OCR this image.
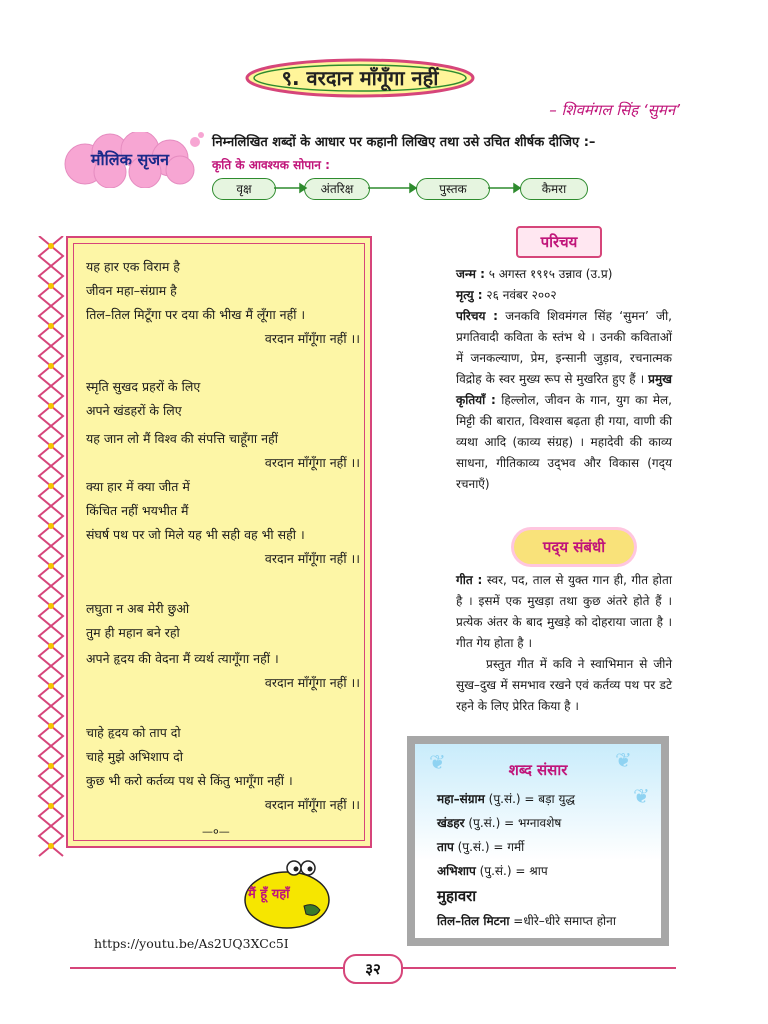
९. वरदान माँगूँगा नहीं
– शिवमंगल सिंह ‘सुमन’
मौलिक सृजन
निम्नलिखित शब्दों के आधार पर कहानी लिखिए तथा उसे उचित शीर्षक दीजिए :–
कृति के आवश्यक सोपान :
वृक्ष	अंतरिक्ष	पुस्तक	कैमरा
यह हार एक विराम है
जीवन महा–संग्राम है
तिल–तिल मिटूँगा पर दया की भीख मैं लूँगा नहीं ।
वरदान माँगूँगा नहीं ।।
स्मृति सुखद प्रहरों के लिए
अपने खंडहरों के लिए
यह जान लो मैं विश्व की संपत्ति चाहूँगा नहीं
वरदान माँगूँगा नहीं ।।
क्या हार में क्या जीत में
किंचित नहीं भयभीत मैं
संघर्ष पथ पर जो मिले यह भी सही वह भी सही ।
वरदान माँगूँगा नहीं ।।
लघुता न अब मेरी छुओ
तुम ही महान बने रहो
अपने हृदय की वेदना मैं व्यर्थ त्यागूँगा नहीं ।
वरदान माँगूँगा नहीं ।।
चाहे हृदय को ताप दो
चाहे मुझे अभिशाप दो
कुछ भी करो कर्तव्य पथ से किंतु भागूँगा नहीं ।
वरदान माँगूँगा नहीं ।।
—०—
परिचय
जन्म : ५ अगस्त १९१५ उन्नाव (उ.प्र)
मृत्यु : २६ नवंबर २००२
परिचय : जनकवि शिवमंगल सिंह ‘सुमन’ जी, प्रगतिवादी कविता के स्तंभ थे । उनकी कविताओं में जनकल्याण, प्रेम, इन्सानी जुड़ाव, रचनात्मक विद्रोह के स्वर मुख्य रूप से मुखरित हुए हैं । प्रमुख कृतियाँ : हिल्लोल, जीवन के गान, युग का मेल, मिट्टी की बारात, विश्वास बढ़ता ही गया, वाणी की व्यथा आदि (काव्य संग्रह) । महादेवी की काव्य साधना, गीतिकाव्य उद्‌भव और विकास (गद्‌य रचनाएँ)
पद्‌य संबंधी
गीत : स्वर, पद, ताल से युक्त गान ही, गीत होता है । इसमें एक मुखड़ा तथा कुछ अंतरे होते हैं । प्रत्येक अंतर के बाद मुखड़े को दोहराया जाता है । गीत गेय होता है ।
प्रस्तुत गीत में कवि ने स्वाभिमान से जीने सुख–दुख में समभाव रखने एवं कर्तव्य पथ पर डटे रहने के लिए प्रेरित किया है ।
❦	❦
❦
शब्द संसार
महा–संग्राम (पु.सं.) = बड़ा युद्ध
खंडहर (पु.सं.) = भग्नावशेष
ताप (पु.सं.) = गर्मी
अभिशाप (पु.सं.) = श्राप
मुहावरा
तिल–तिल मिटना =धीरे–धीरे समाप्त होना
मैं हूँ यहाँ
https://youtu.be/As2UQ3XCc5I
३२
